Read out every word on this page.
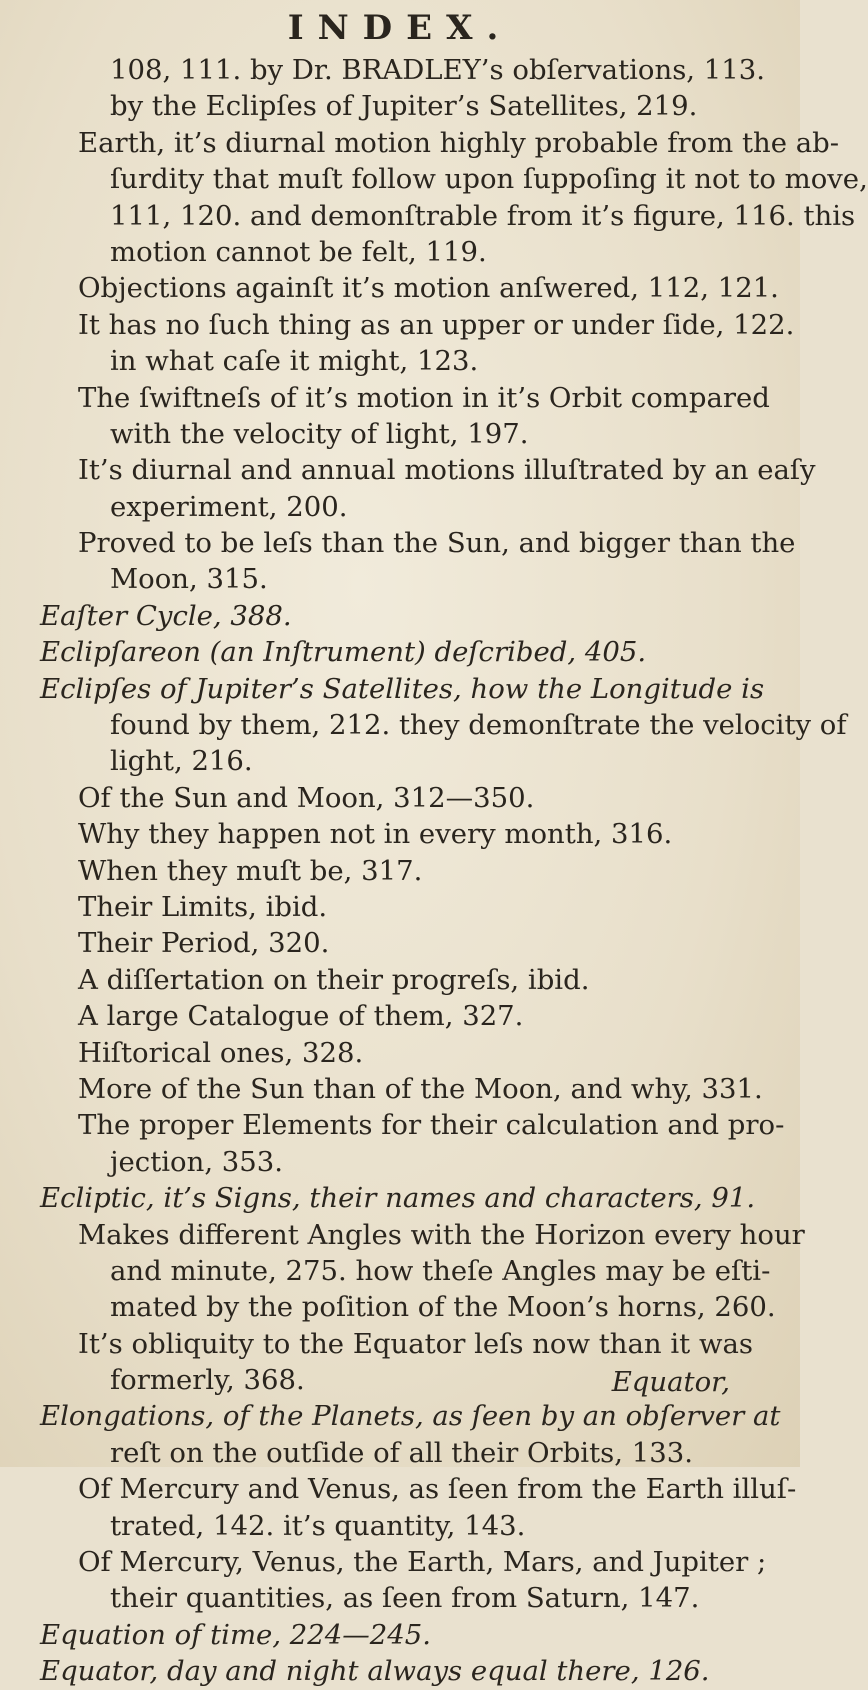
INDEX.
108, 111. by Dr. BRADLEY’s obſervations, 113.
by the Eclipſes of Jupiter’s Satellites, 219.
Earth, it’s diurnal motion highly probable from the ab-
ſurdity that muſt follow upon ſuppoſing it not to move,
111, 120. and demonſtrable from it’s figure, 116. this
motion cannot be felt, 119.
Objections againſt it’s motion anſwered, 112, 121.
It has no ſuch thing as an upper or under ſide, 122.
in what caſe it might, 123.
The ſwiftneſs of it’s motion in it’s Orbit compared
with the velocity of light, 197.
It’s diurnal and annual motions illuſtrated by an eaſy
experiment, 200.
Proved to be leſs than the Sun, and bigger than the
Moon, 315.
Eaſter Cycle, 388.
Eclipſareon (an Inſtrument) deſcribed, 405.
Eclipſes of Jupiter’s Satellites, how the Longitude is
found by them, 212. they demonſtrate the velocity of
light, 216.
Of the Sun and Moon, 312—350.
Why they happen not in every month, 316.
When they muſt be, 317.
Their Limits, ibid.
Their Period, 320.
A diſſertation on their progreſs, ibid.
A large Catalogue of them, 327.
Hiſtorical ones, 328.
More of the Sun than of the Moon, and why, 331.
The proper Elements for their calculation and pro-
jection, 353.
Ecliptic, it’s Signs, their names and characters, 91.
Makes different Angles with the Horizon every hour
and minute, 275. how theſe Angles may be eſti-
mated by the poſition of the Moon’s horns, 260.
It’s obliquity to the Equator leſs now than it was
formerly, 368.
Elongations, of the Planets, as ſeen by an obſerver at
reſt on the outſide of all their Orbits, 133.
Of Mercury and Venus, as ſeen from the Earth illuſ-
trated, 142. it’s quantity, 143.
Of Mercury, Venus, the Earth, Mars, and Jupiter ;
their quantities, as ſeen from Saturn, 147.
Equation of time, 224—245.
Equator, day and night always equal there, 126.
Equator,
